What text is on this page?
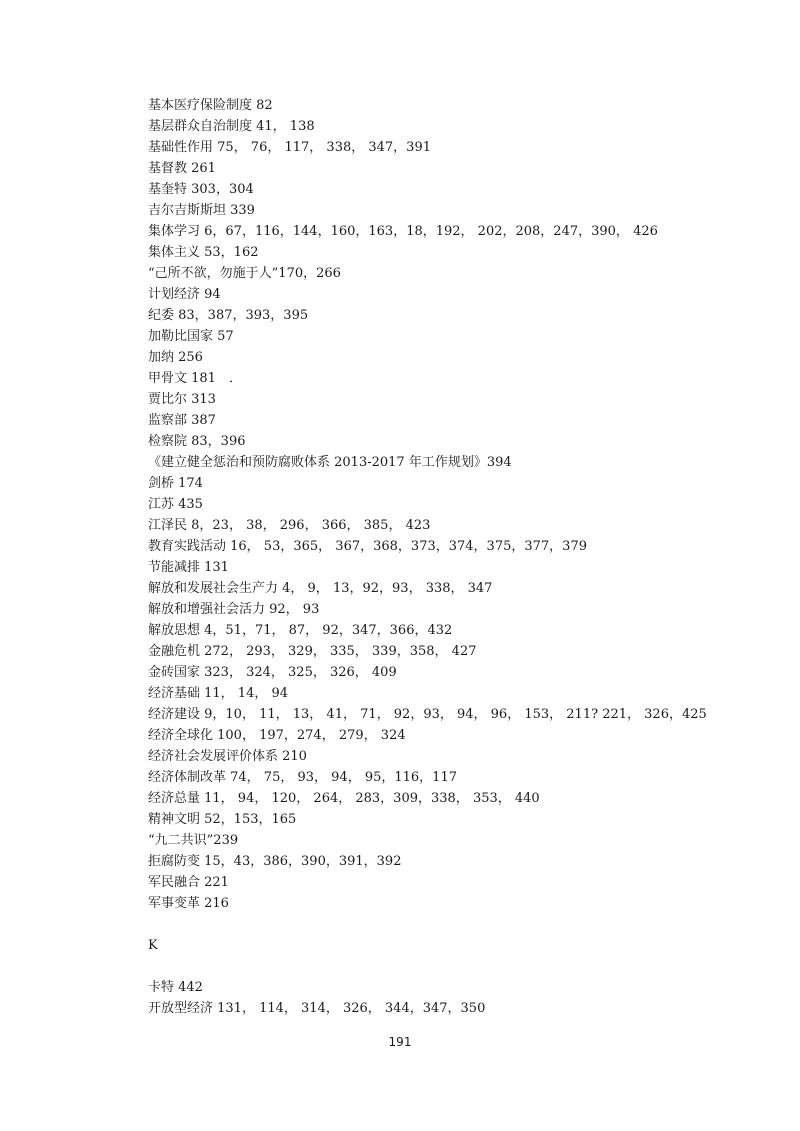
基本医疗保险制度 82
基层群众自治制度 41， 138
基础性作用 75， 76， 117， 338， 347，391
基督教 261
基奎特 303，304
吉尔吉斯斯坦 339
集体学习 6，67，116，144，160，163，18，192， 202，208，247，390， 426
集体主义 53，162
“己所不欲，勿施于人”170，266
计划经济 94
纪委 83，387，393，395
加勒比国家 57
加纳 256
甲骨文 181　．
贾比尔 313
监察部 387
检察院 83，396
《建立健全惩治和预防腐败体系 2013-2017 年工作规划》394
剑桥 174
江苏 435
江泽民 8，23， 38， 296， 366， 385， 423
教育实践活动 16， 53，365， 367，368，373，374，375，377，379
节能减排 131
解放和发展社会生产力 4， 9， 13，92，93， 338， 347
解放和增强社会活力 92， 93
解放思想 4，51，71， 87， 92，347，366，432
金融危机 272， 293， 329， 335， 339，358， 427
金砖国家 323， 324， 325， 326， 409
经济基础 11， 14， 94
经济建设 9，10， 11， 13， 41， 71， 92，93， 94， 96， 153， 211? 221， 326，425
经济全球化 100， 197，274， 279， 324
经济社会发展评价体系 210
经济体制改革 74， 75， 93， 94， 95，116，117
经济总量 11， 94， 120， 264， 283，309，338， 353， 440
精神文明 52，153，165
“九二共识”239
拒腐防变 15，43，386，390，391，392
军民融合 221
军事变革 216
K
卡特 442
开放型经济 131， 114， 314， 326， 344，347，350
191
